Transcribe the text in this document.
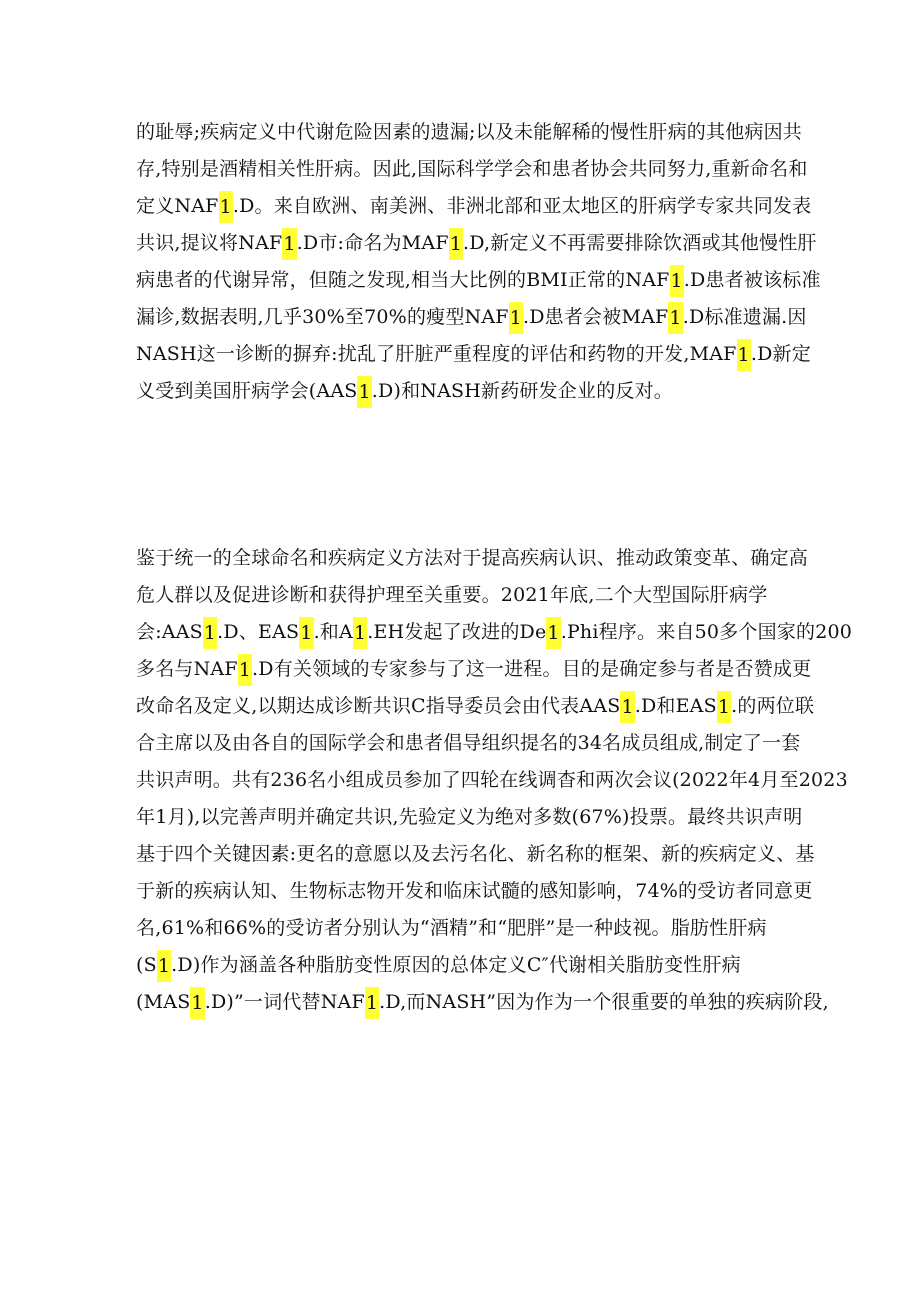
的耻辱;疾病定义中代谢危险因素的遗漏;以及未能解稀的慢性肝病的其他病因共
存,特别是酒精相关性肝病。因此,国际科学学会和患者协会共同努力,重新命名和
定义NAF1.D。来自欧洲、南美洲、非洲北部和亚太地区的肝病学专家共同发表
共识,提议将NAF1.D市:命名为MAF1.D,新定义不再需要排除饮酒或其他慢性肝
病患者的代谢异常，但随之发现,相当大比例的BMI正常的NAF1.D患者被该标准
漏诊,数据表明,几乎30%至70%的瘦型NAF1.D患者会被MAF1.D标准遗漏.因
NASH这一诊断的摒弃:扰乱了肝脏严重程度的评估和药物的开发,MAF1.D新定
义受到美国肝病学会(AAS1.D)和NASH新药研发企业的反对。
鉴于统一的全球命名和疾病定义方法对于提高疾病认识、推动政策变革、确定高
危人群以及促进诊断和获得护理至关重要。2021年底,二个大型国际肝病学
会:AAS1.D、EAS1.和A1.EH发起了改进的De1.Phi程序。来自50多个国家的200
多名与NAF1.D有关领域的专家参与了这一进程。目的是确定参与者是否赞成更
改命名及定义,以期达成诊断共识C指导委员会由代表AAS1.D和EAS1.的两位联
合主席以及由各自的国际学会和患者倡导组织提名的34名成员组成,制定了一套
共识声明。共有236名小组成员参加了四轮在线调杳和两次会议(2022年4月至2023
年1月),以完善声明并确定共识,先验定义为绝对多数(67%)投票。最终共识声明
基于四个关键因素:更名的意愿以及去污名化、新名称的框架、新的疾病定义、基
于新的疾病认知、生物标志物开发和临床试髓的感知影响，74%的受访者同意更
名,61%和66%的受访者分别认为“酒精”和“肥胖”是一种歧视。脂肪性肝病
(S1.D)作为涵盖各种脂肪变性原因的总体定义C″代谢相关脂肪变性肝病
(MAS1.D)”一词代替NAF1.D,而NASH”因为作为一个很重要的单独的疾病阶段,
